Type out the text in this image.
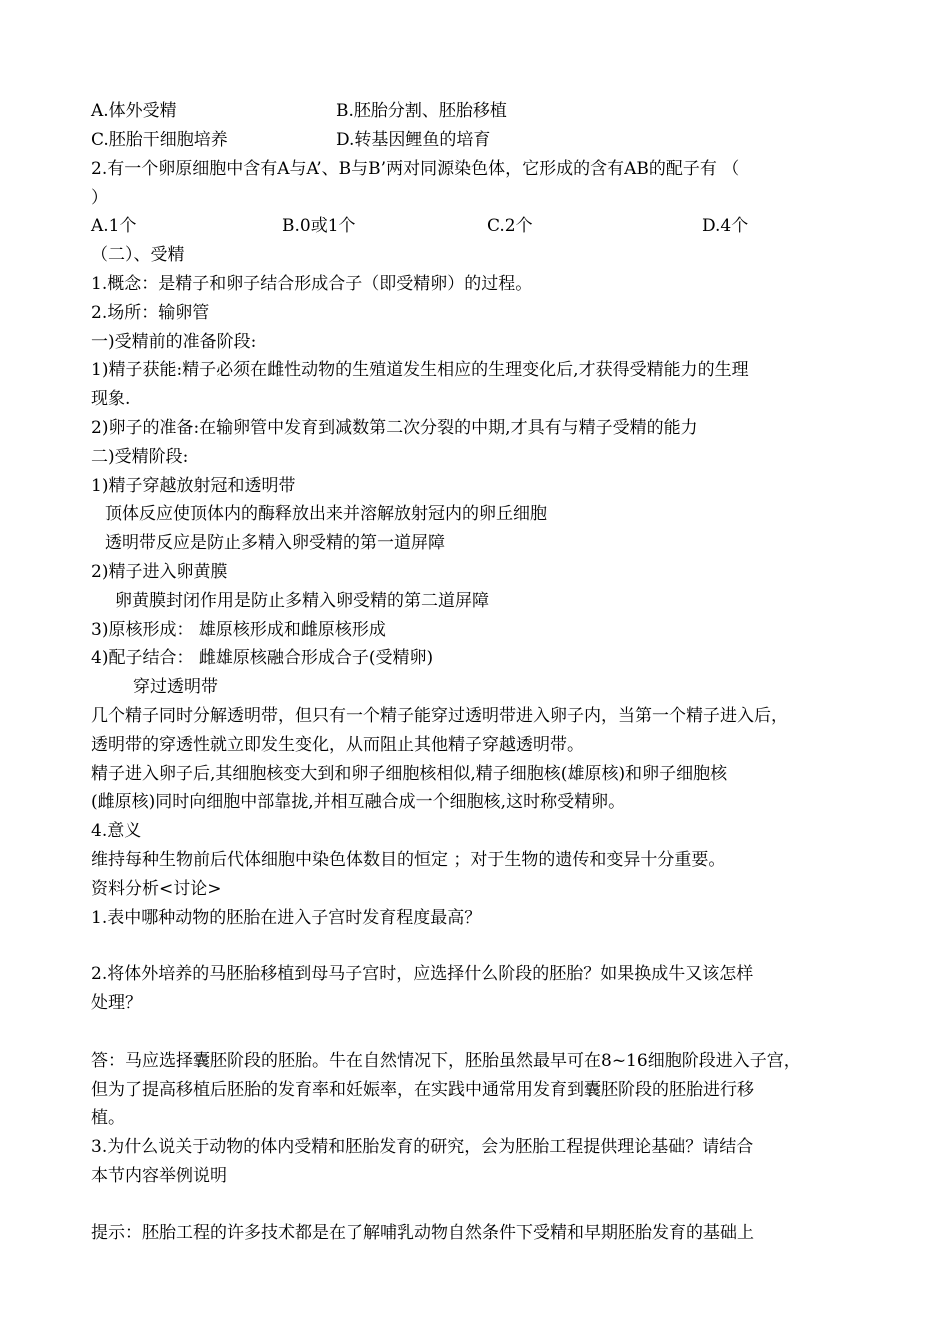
A.体外受精	B.胚胎分割、胚胎移植
C.胚胎干细胞培养	D.转基因鲤鱼的培育
2.有一个卵原细胞中含有A与A’、B与B’两对同源染色体，它形成的含有AB的配子有 （
）
A.1个	B.0或1个	C.2个	D.4个
（二）、受精
1.概念：是精子和卵子结合形成合子（即受精卵）的过程。
2.场所：输卵管
一)受精前的准备阶段:
1)精子获能:精子必须在雌性动物的生殖道发生相应的生理变化后,才获得受精能力的生理
现象.
2)卵子的准备:在输卵管中发育到减数第二次分裂的中期,才具有与精子受精的能力
二)受精阶段:
1)精子穿越放射冠和透明带
顶体反应使顶体内的酶释放出来并溶解放射冠内的卵丘细胞
透明带反应是防止多精入卵受精的第一道屏障
2)精子进入卵黄膜
卵黄膜封闭作用是防止多精入卵受精的第二道屏障
3)原核形成： 雄原核形成和雌原核形成
4)配子结合： 雌雄原核融合形成合子(受精卵)
穿过透明带
几个精子同时分解透明带，但只有一个精子能穿过透明带进入卵子内，当第一个精子进入后，
透明带的穿透性就立即发生变化，从而阻止其他精子穿越透明带。
精子进入卵子后,其细胞核变大到和卵子细胞核相似,精子细胞核(雄原核)和卵子细胞核
(雌原核)同时向细胞中部靠拢,并相互融合成一个细胞核,这时称受精卵。
4.意义
维持每种生物前后代体细胞中染色体数目的恒定 ；对于生物的遗传和变异十分重要。
资料分析<讨论>
1.表中哪种动物的胚胎在进入子宫时发育程度最高？
2.将体外培养的马胚胎移植到母马子宫时，应选择什么阶段的胚胎？如果换成牛又该怎样
处理？
答：马应选择囊胚阶段的胚胎。牛在自然情况下，胚胎虽然最早可在8~16细胞阶段进入子宫，
但为了提高移植后胚胎的发育率和妊娠率，在实践中通常用发育到囊胚阶段的胚胎进行移
植。
3.为什么说关于动物的体内受精和胚胎发育的研究，会为胚胎工程提供理论基础？请结合
本节内容举例说明
提示：胚胎工程的许多技术都是在了解哺乳动物自然条件下受精和早期胚胎发育的基础上
